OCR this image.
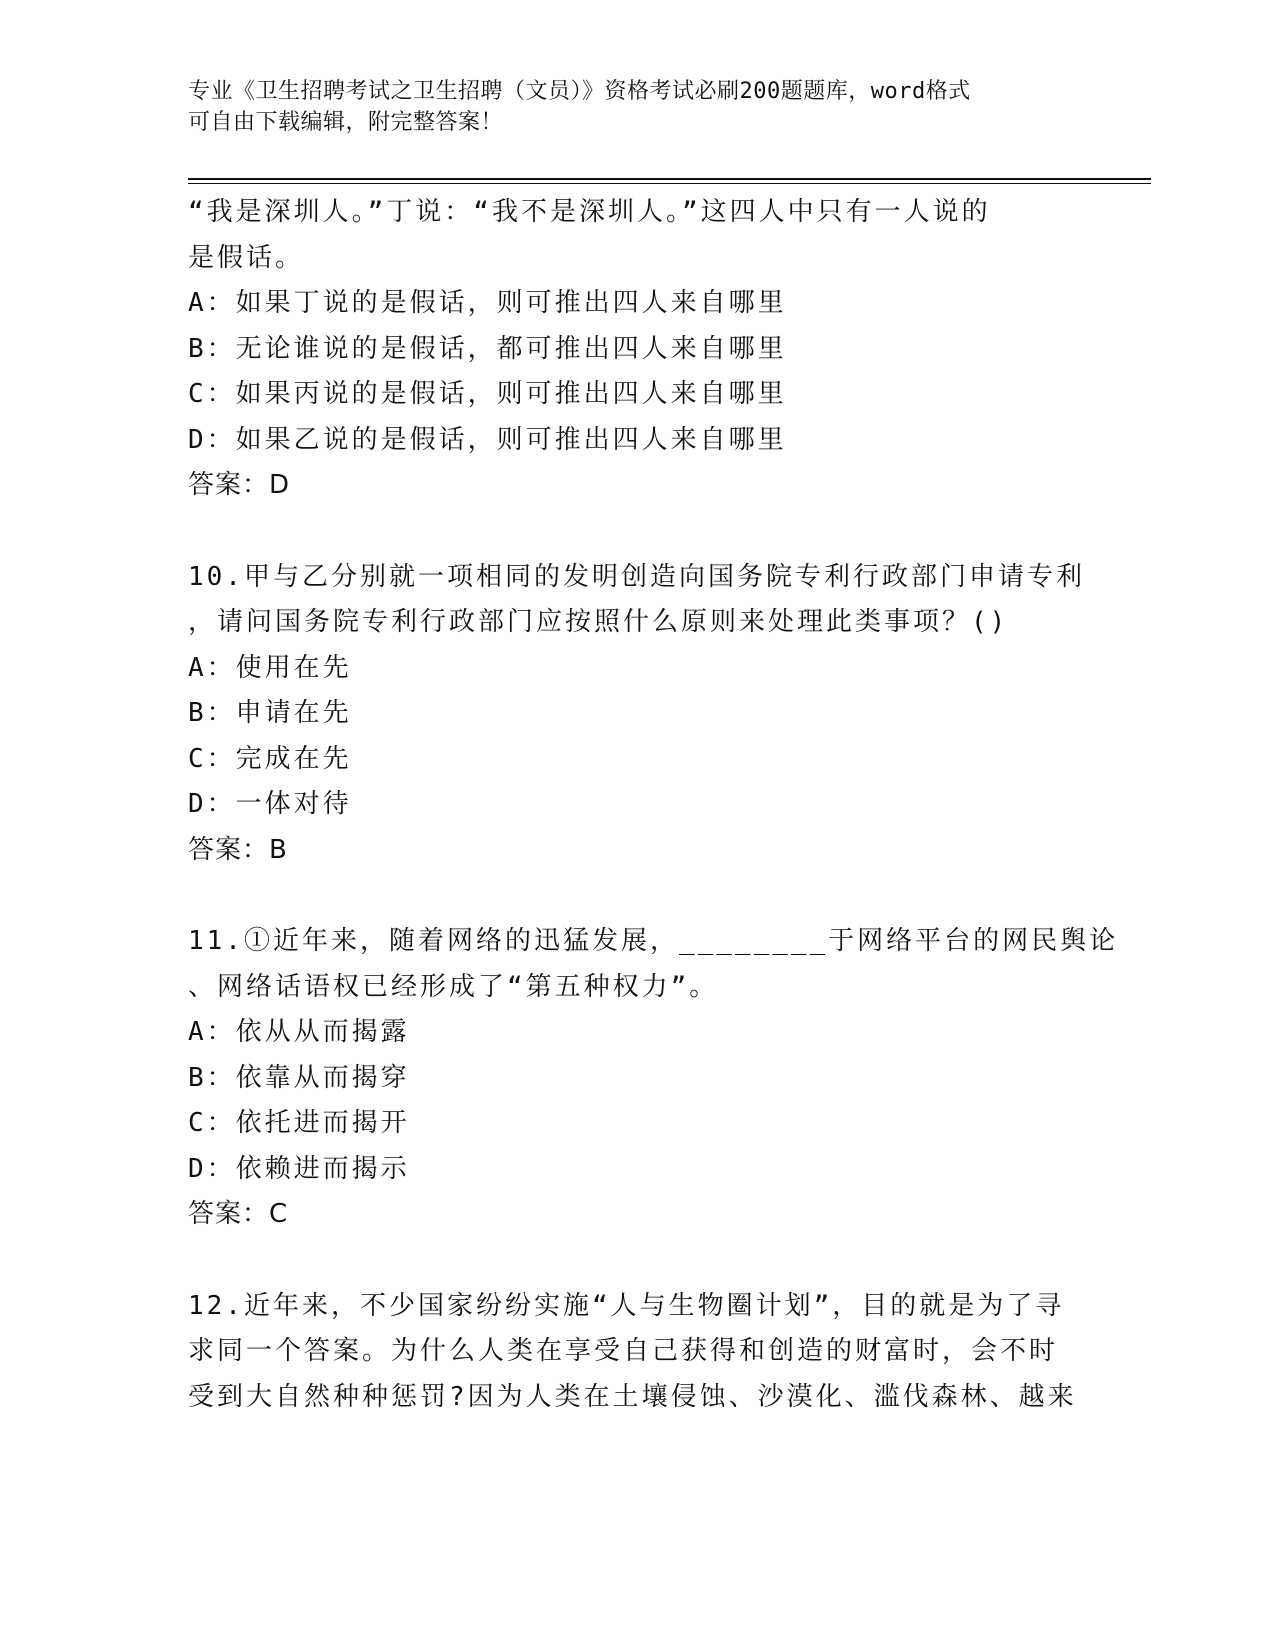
专业《卫生招聘考试之卫生招聘（文员）》资格考试必刷200题题库，word格式
可自由下载编辑，附完整答案！
“我是深圳人。”丁说：“我不是深圳人。”这四人中只有一人说的
是假话。
A：如果丁说的是假话，则可推出四人来自哪里
B：无论谁说的是假话，都可推出四人来自哪里
C：如果丙说的是假话，则可推出四人来自哪里
D：如果乙说的是假话，则可推出四人来自哪里
答案：D
10.甲与乙分别就一项相同的发明创造向国务院专利行政部门申请专利
，请问国务院专利行政部门应按照什么原则来处理此类事项？()
A：使用在先
B：申请在先
C：完成在先
D：一体对待
答案：B
11.①近年来，随着网络的迅猛发展，________于网络平台的网民舆论
、网络话语权已经形成了“第五种权力”。
A：依从从而揭露
B：依靠从而揭穿
C：依托进而揭开
D：依赖进而揭示
答案：C
12.近年来，不少国家纷纷实施“人与生物圈计划”，目的就是为了寻
求同一个答案。为什么人类在享受自己获得和创造的财富时，会不时
受到大自然种种惩罚?因为人类在土壤侵蚀、沙漠化、滥伐森林、越来
